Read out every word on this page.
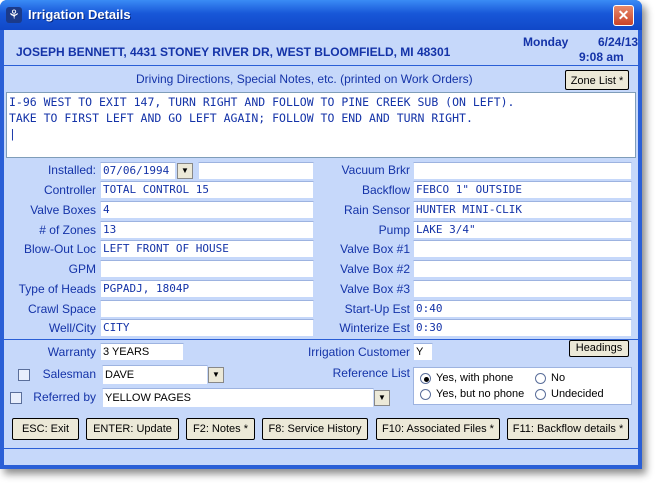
⚘ Irrigation Details	✕
JOSEPH BENNETT, 4431 STONEY RIVER DR, WEST BLOOMFIELD, MI 48301
Monday 6/24/13
9:08 am
Driving Directions, Special Notes, etc. (printed on Work Orders)	Zone List *
I-96 WEST TO EXIT 147, TURN RIGHT AND FOLLOW TO PINE CREEK SUB (ON LEFT).
TAKE TO FIRST LEFT AND GO LEFT AGAIN; FOLLOW TO END AND TURN RIGHT.
|
Installed: 07/06/1994	▼
Controller TOTAL CONTROL 15
Valve Boxes 4
# of Zones 13
Blow-Out Loc LEFT FRONT OF HOUSE
GPM
Type of Heads PGPADJ, 1804P
Crawl Space
Well/City CITY
Vacuum Brkr
Backflow FEBCO 1" OUTSIDE
Rain Sensor HUNTER MINI-CLIK
Pump LAKE 3/4"
Valve Box #1
Valve Box #2
Valve Box #3
Start-Up Est 0:40
Winterize Est 0:30
Warranty 3 YEARS	Irrigation Customer Y	Headings
Salesman DAVE	▼
Referred by YELLOW PAGES	▼
Reference List Yes, with phone	No
Yes, but no phone Undecided
ESC: Exit	ENTER: Update	F2: Notes *	F8: Service History	F10: Associated Files *	F11: Backflow details *
